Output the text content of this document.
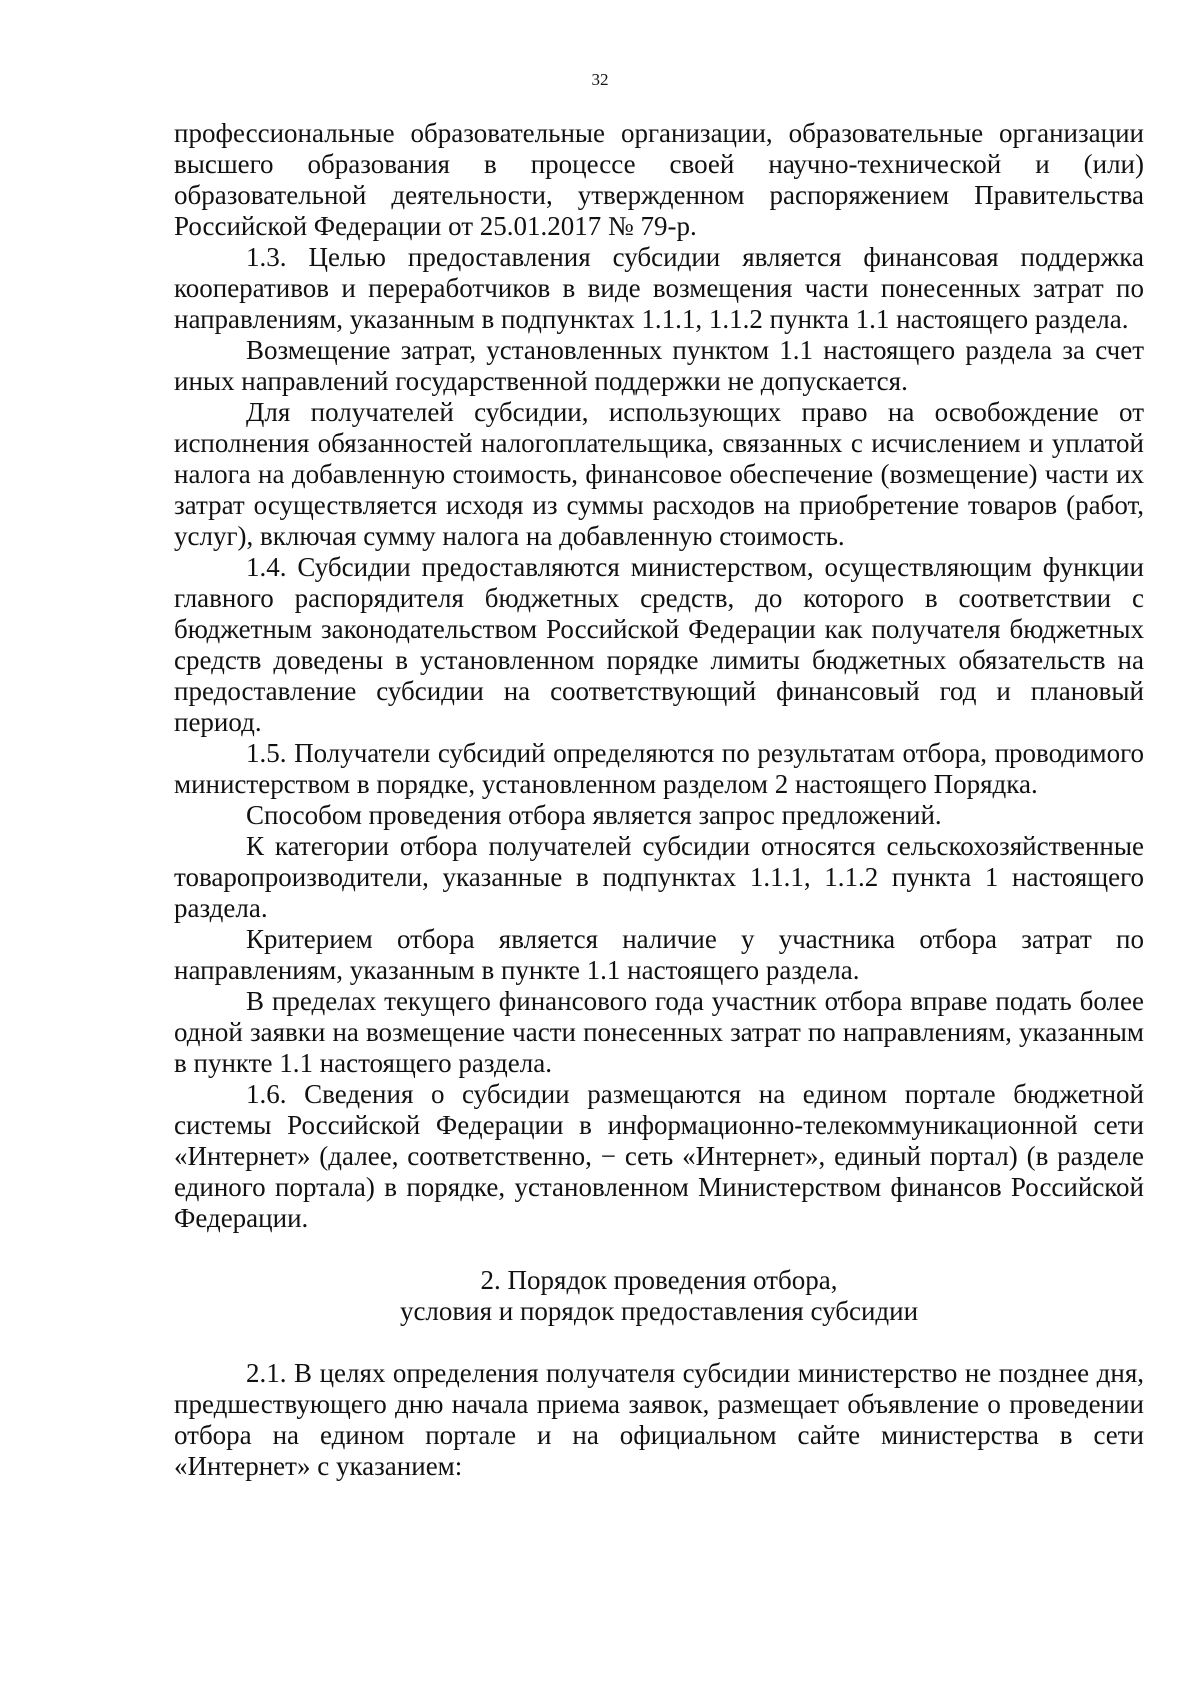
32

профессиональные образовательные организации, образовательные организации высшего образования в процессе своей научно-технической и (или) образовательной деятельности, утвержденном распоряжением Правительства Российской Федерации от 25.01.2017 № 79-р.

1.3. Целью предоставления субсидии является финансовая поддержка кооперативов и переработчиков в виде возмещения части понесенных затрат по направлениям, указанным в подпунктах 1.1.1, 1.1.2 пункта 1.1 настоящего раздела.

Возмещение затрат, установленных пунктом 1.1 настоящего раздела за счет иных направлений государственной поддержки не допускается.

Для получателей субсидии, использующих право на освобождение от исполнения обязанностей налогоплательщика, связанных с исчислением и уплатой налога на добавленную стоимость, финансовое обеспечение (возмещение) части их затрат осуществляется исходя из суммы расходов на приобретение товаров (работ, услуг), включая сумму налога на добавленную стоимость.

1.4. Субсидии предоставляются министерством, осуществляющим функции главного распорядителя бюджетных средств, до которого в соответствии с бюджетным законодательством Российской Федерации как получателя бюджетных средств доведены в установленном порядке лимиты бюджетных обязательств на предоставление субсидии на соответствующий финансовый год и плановый период.

1.5. Получатели субсидий определяются по результатам отбора, проводимого министерством в порядке, установленном разделом 2 настоящего Порядка.

Способом проведения отбора является запрос предложений.

К категории отбора получателей субсидии относятся сельскохозяйственные товаропроизводители, указанные в подпунктах 1.1.1, 1.1.2 пункта 1 настоящего раздела.

Критерием отбора является наличие у участника отбора затрат по направлениям, указанным в пункте 1.1 настоящего раздела.

В пределах текущего финансового года участник отбора вправе подать более одной заявки на возмещение части понесенных затрат по направлениям, указанным в пункте 1.1 настоящего раздела.

1.6. Сведения о субсидии размещаются на едином портале бюджетной системы Российской Федерации в информационно-телекоммуникационной сети «Интернет» (далее, соответственно, − сеть «Интернет», единый портал) (в разделе единого портала) в порядке, установленном Министерством финансов Российской Федерации.

2. Порядок проведения отбора,

условия и порядок предоставления субсидии

2.1. В целях определения получателя субсидии министерство не позднее дня, предшествующего дню начала приема заявок, размещает объявление о проведении отбора на едином портале и на официальном сайте министерства в сети «Интернет» с указанием:
